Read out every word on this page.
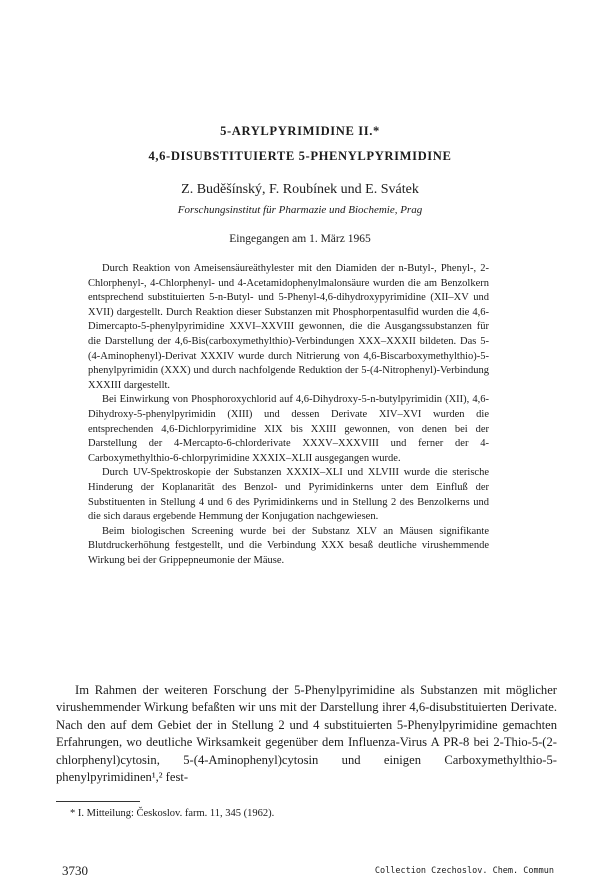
5-ARYLPYRIMIDINE II.*
4,6-DISUBSTITUIERTE 5-PHENYLPYRIMIDINE

Z. Buděšínský, F. Roubínek und E. Svátek

Forschungsinstitut für Pharmazie und Biochemie, Prag

Eingegangen am 1. März 1965

Durch Reaktion von Ameisensäureäthylester mit den Diamiden der n-Butyl-, Phenyl-, 2-Chlorphenyl-, 4-Chlorphenyl- und 4-Acetamidophenylmalonsäure wurden die am Benzolkern entsprechend substituierten 5-n-Butyl- und 5-Phenyl-4,6-dihydroxypyrimidine (XII–XV und XVII) dargestellt. Durch Reaktion dieser Substanzen mit Phosphorpentasulfid wurden die 4,6-Dimercapto-5-phenylpyrimidine XXVI–XXVIII gewonnen, die die Ausgangssubstanzen für die Darstellung der 4,6-Bis(carboxymethylthio)-Verbindungen XXX–XXXII bildeten. Das 5-(4-Aminophenyl)-Derivat XXXIV wurde durch Nitrierung von 4,6-Biscarboxymethylthio)-5-phenylpyrimidin (XXX) und durch nachfolgende Reduktion der 5-(4-Nitrophenyl)-Verbindung XXXIII dargestellt.

Bei Einwirkung von Phosphoroxychlorid auf 4,6-Dihydroxy-5-n-butylpyrimidin (XII), 4,6-Dihydroxy-5-phenylpyrimidin (XIII) und dessen Derivate XIV–XVI wurden die entsprechenden 4,6-Dichlorpyrimidine XIX bis XXIII gewonnen, von denen bei der Darstellung der 4-Mercapto-6-chlorderivate XXXV–XXXVIII und ferner der 4-Carboxymethylthio-6-chlorpyrimidine XXXIX–XLII ausgegangen wurde.

Durch UV-Spektroskopie der Substanzen XXXIX–XLI und XLVIII wurde die sterische Hinderung der Koplanarität des Benzol- und Pyrimidinkerns unter dem Einfluß der Substituenten in Stellung 4 und 6 des Pyrimidinkerns und in Stellung 2 des Benzolkerns und die sich daraus ergebende Hemmung der Konjugation nachgewiesen.

Beim biologischen Screening wurde bei der Substanz XLV an Mäusen signifikante Blutdruckerhöhung festgestellt, und die Verbindung XXX besaß deutliche virushemmende Wirkung bei der Grippepneumonie der Mäuse.

Im Rahmen der weiteren Forschung der 5-Phenylpyrimidine als Substanzen mit möglicher virushemmender Wirkung befaßten wir uns mit der Darstellung ihrer 4,6-disubstituierten Derivate. Nach den auf dem Gebiet der in Stellung 2 und 4 substituierten 5-Phenylpyrimidine gemachten Erfahrungen, wo deutliche Wirksamkeit gegenüber dem Influenza-Virus A PR-8 bei 2-Thio-5-(2-chlorphenyl)cytosin, 5-(4-Aminophenyl)cytosin und einigen Carboxymethylthio-5-phenylpyrimidinen¹,² fest-

* I. Mitteilung: Českoslov. farm. 11, 345 (1962).

3730	Collection Czechoslov. Chem. Commun
